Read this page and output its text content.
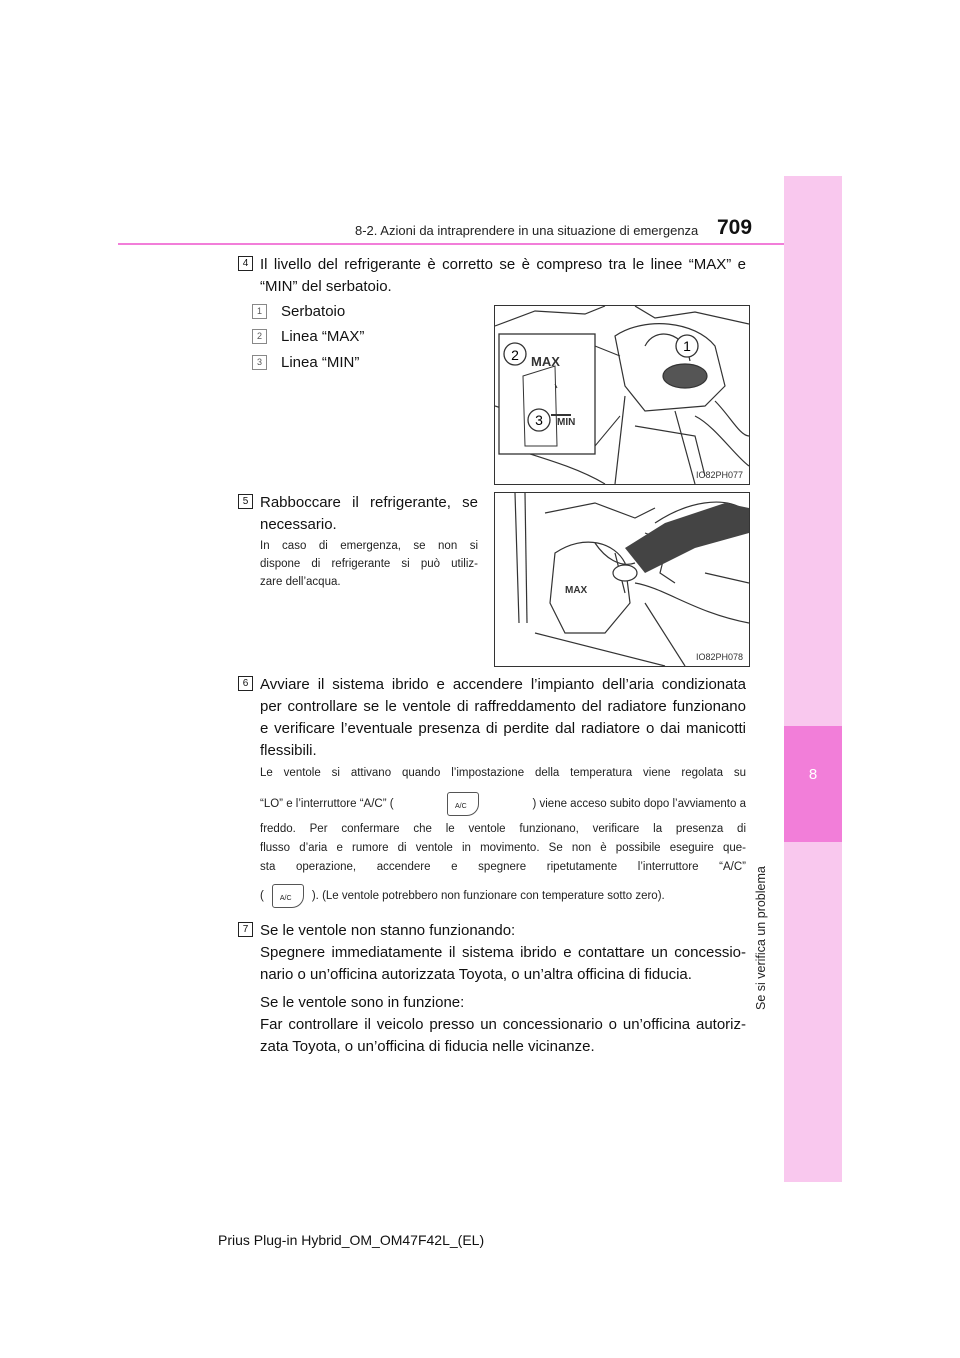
8
Se si verifica un problema
8-2. Azioni da intraprendere in una situazione di emergenza 709
4 Il livello del refrigerante è corretto se è compreso tra le linee “MAX” e
“MIN” del serbatoio.
1	Serbatoio
2	Linea “MAX”
3	Linea “MIN”	2 MAX
3 MIN
1
IO82PH077
5 Rabboccare il refrigerante, se
necessario.
In caso di emergenza, se non si
dispone di refrigerante si può utiliz-
zare dell’acqua.
MAX
IO82PH078
6 Avviare il sistema ibrido e accendere l’impianto dell’aria condizionata
per controllare se le ventole di raffreddamento del radiatore funzionano
e verificare l’eventuale presenza di perdite dal radiatore o dai manicotti
flessibili.
Le ventole si attivano quando l’impostazione della temperatura viene regolata su
“LO” e l’interruttore “A/C” (	A/C	) viene acceso subito dopo l’avviamento a
freddo. Per confermare che le ventole funzionano, verificare la presenza di
flusso d’aria e rumore di ventole in movimento. Se non è possibile eseguire que-
sta operazione, accendere e spegnere ripetutamente l’interruttore “A/C”
( A/C ). (Le ventole potrebbero non funzionare con temperature sotto zero).
7 Se le ventole non stanno funzionando:
Spegnere immediatamente il sistema ibrido e contattare un concessio-
nario o un’officina autorizzata Toyota, o un’altra officina di fiducia.
Se le ventole sono in funzione:
Far controllare il veicolo presso un concessionario o un’officina autoriz-
zata Toyota, o un’officina di fiducia nelle vicinanze.
Prius Plug-in Hybrid_OM_OM47F42L_(EL)
